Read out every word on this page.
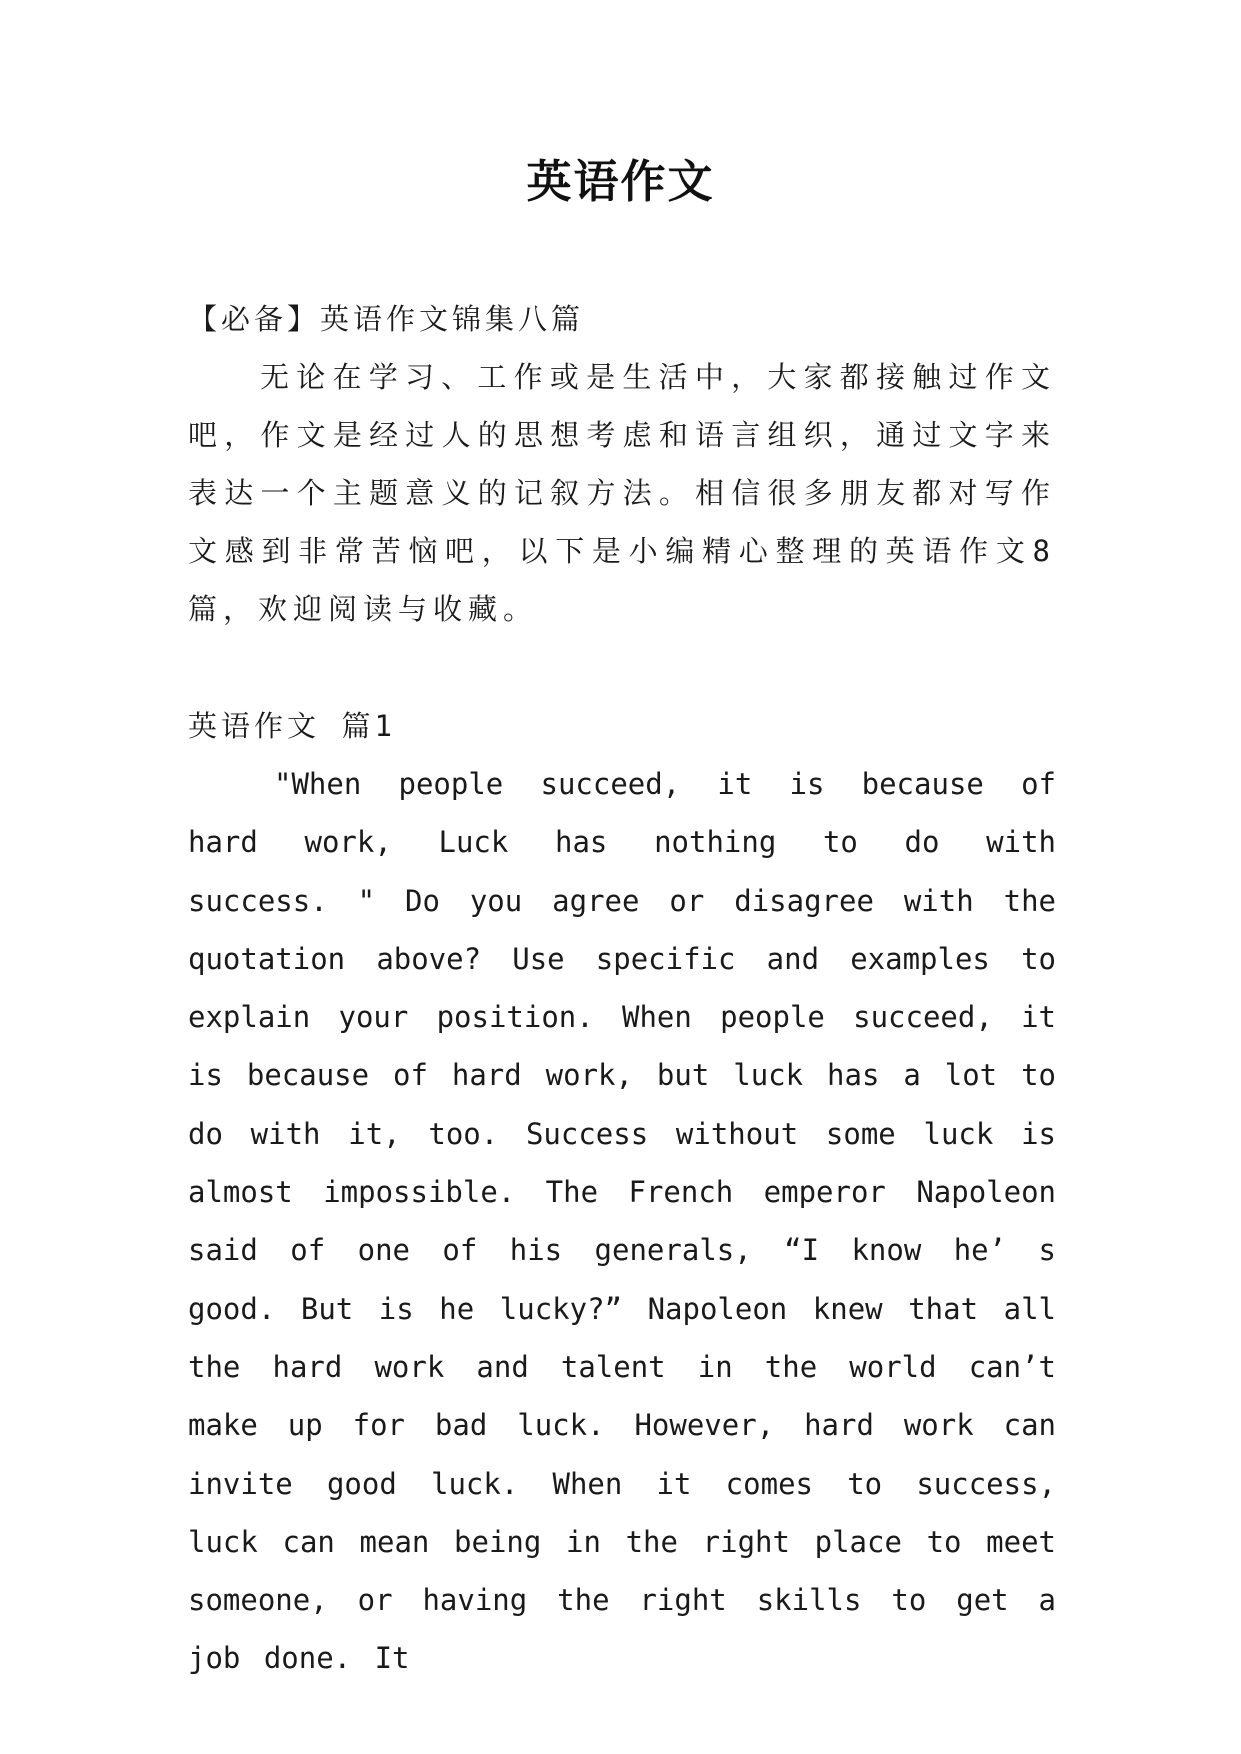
英语作文
【必备】英语作文锦集八篇
无论在学习、工作或是生活中，大家都接触过作文吧，作文是经过人的思想考虑和语言组织，通过文字来表达一个主题意义的记叙方法。相信很多朋友都对写作文感到非常苦恼吧，以下是小编精心整理的英语作文8篇，欢迎阅读与收藏。
英语作文 篇1
"When people succeed, it is because of hard work, Luck has nothing to do with success. " Do you agree or disagree with the quotation above? Use specific and examples to explain your position. When people succeed, it is because of hard work, but luck has a lot to do with it, too. Success without some luck is almost impossible. The French emperor Napoleon said of one of his generals, “I know he’ s good. But is he lucky?” Napoleon knew that all the hard work and talent in the world can’t make up for bad luck. However, hard work can invite good luck. When it comes to success, luck can mean being in the right place to meet someone, or having the right skills to get a job done. It
